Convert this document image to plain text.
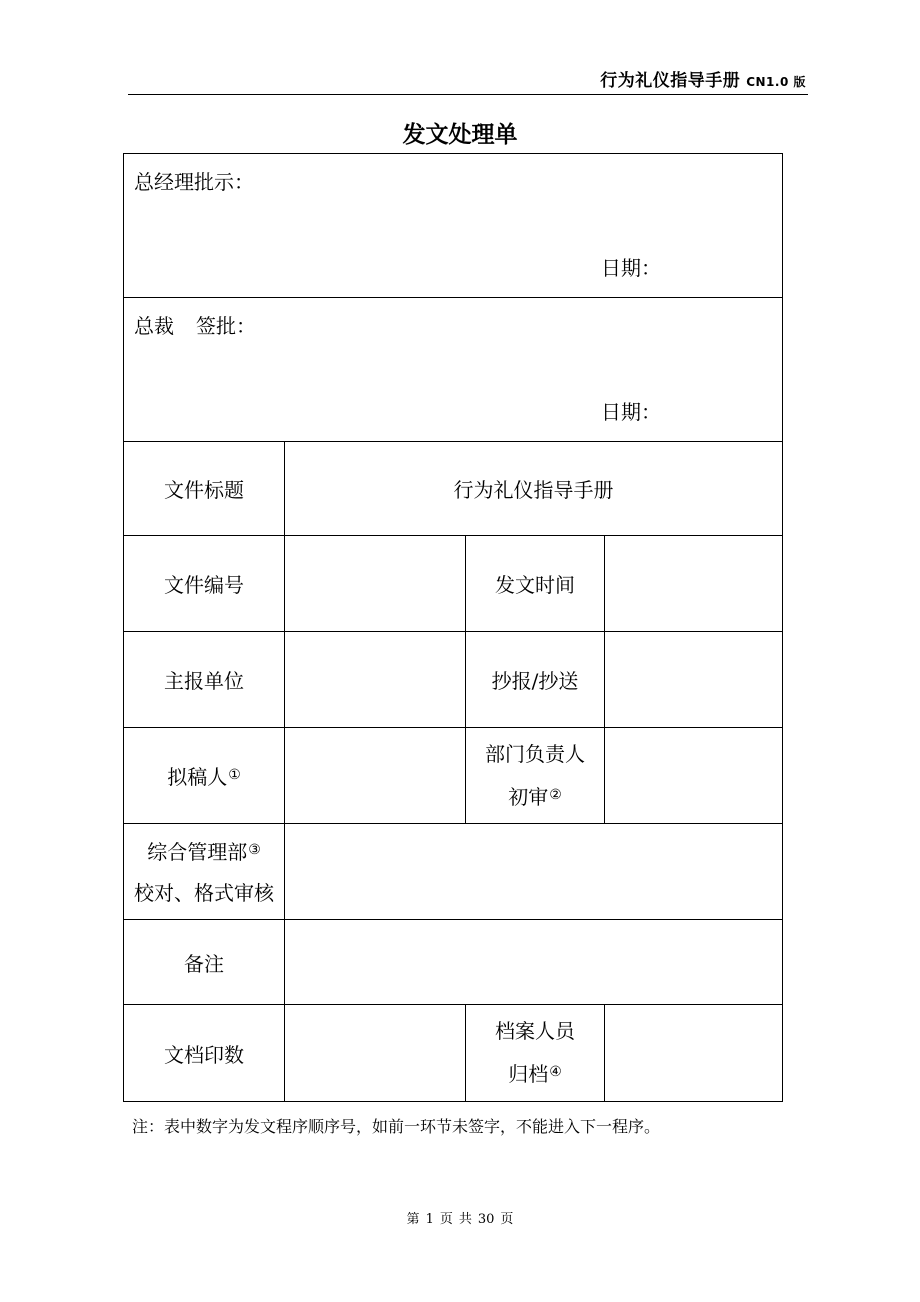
行为礼仪指导手册 CN1.0 版
发文处理单
总经理批示：
日期：			

总裁 签批：
日期：			

文件标题	行为礼仪指导手册		
文件编号		发文时间	
主报单位		抄报/抄送	
拟稿人①		部门负责人
初审②

综合管理部③
校对、格式审核			

备注			
文档印数		档案人员
归档④

注：表中数字为发文程序顺序号，如前一环节未签字，不能进入下一程序。
第 1 页 共 30 页
